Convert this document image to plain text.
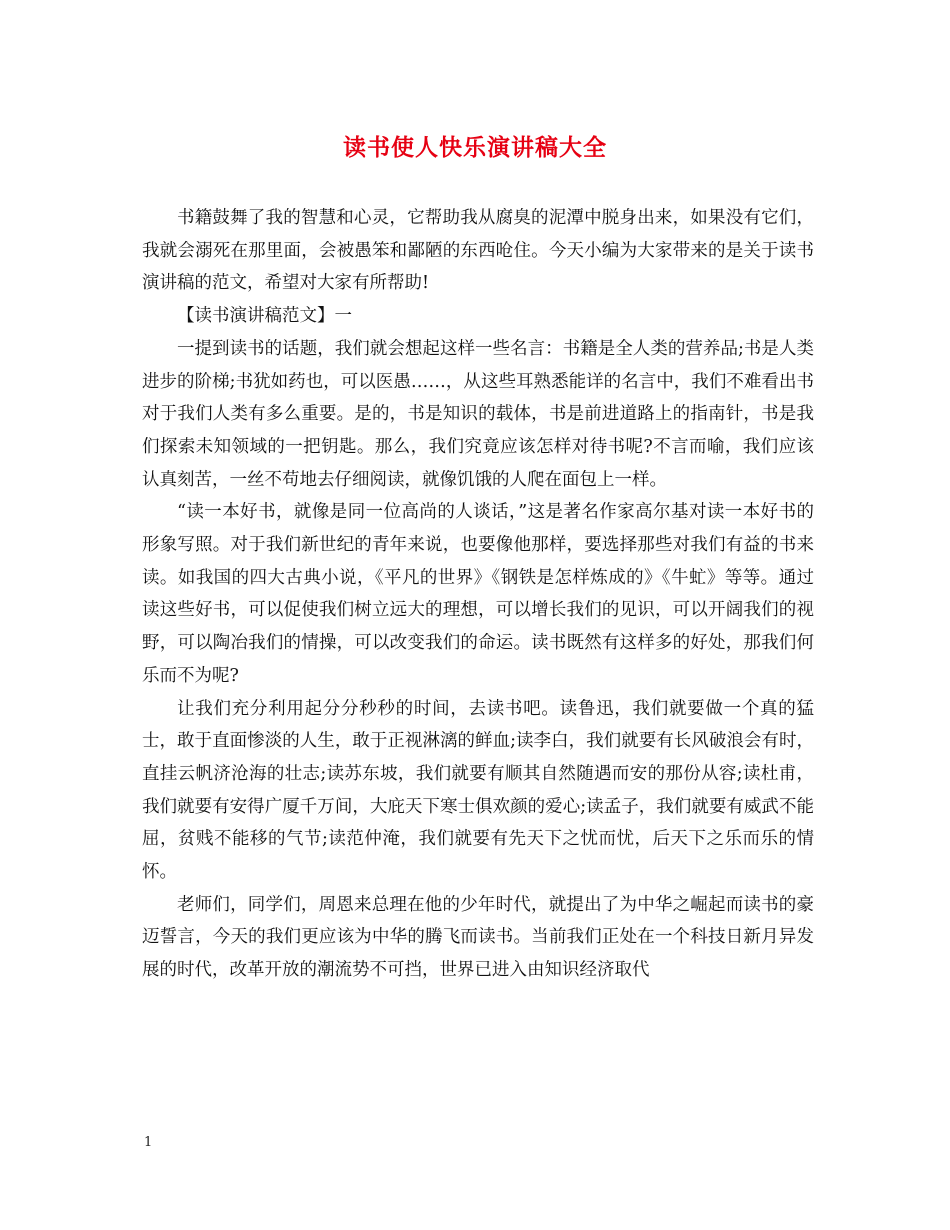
读书使人快乐演讲稿大全

书籍鼓舞了我的智慧和心灵，它帮助我从腐臭的泥潭中脱身出来，如果没有它们，我就会溺死在那里面，会被愚笨和鄙陋的东西呛住。今天小编为大家带来的是关于读书演讲稿的范文，希望对大家有所帮助!

【读书演讲稿范文】一

一提到读书的话题，我们就会想起这样一些名言：书籍是全人类的营养品;书是人类进步的阶梯;书犹如药也，可以医愚……，从这些耳熟悉能详的名言中，我们不难看出书对于我们人类有多么重要。是的，书是知识的载体，书是前进道路上的指南针，书是我们探索未知领域的一把钥匙。那么，我们究竟应该怎样对待书呢?不言而喻，我们应该认真刻苦，一丝不苟地去仔细阅读，就像饥饿的人爬在面包上一样。

“读一本好书，就像是同一位高尚的人谈话，”这是著名作家高尔基对读一本好书的形象写照。对于我们新世纪的青年来说，也要像他那样，要选择那些对我们有益的书来读。如我国的四大古典小说，《平凡的世界》《钢铁是怎样炼成的》《牛虻》等等。通过读这些好书，可以促使我们树立远大的理想，可以增长我们的见识，可以开阔我们的视野，可以陶冶我们的情操，可以改变我们的命运。读书既然有这样多的好处，那我们何乐而不为呢?

让我们充分利用起分分秒秒的时间，去读书吧。读鲁迅，我们就要做一个真的猛士，敢于直面惨淡的人生，敢于正视淋漓的鲜血;读李白，我们就要有长风破浪会有时，直挂云帆济沧海的壮志;读苏东坡，我们就要有顺其自然随遇而安的那份从容;读杜甫，我们就要有安得广厦千万间，大庇天下寒士俱欢颜的爱心;读孟子，我们就要有威武不能屈，贫贱不能移的气节;读范仲淹，我们就要有先天下之忧而忧，后天下之乐而乐的情怀。

老师们，同学们，周恩来总理在他的少年时代，就提出了为中华之崛起而读书的豪迈誓言，今天的我们更应该为中华的腾飞而读书。当前我们正处在一个科技日新月异发展的时代，改革开放的潮流势不可挡，世界已进入由知识经济取代

1
